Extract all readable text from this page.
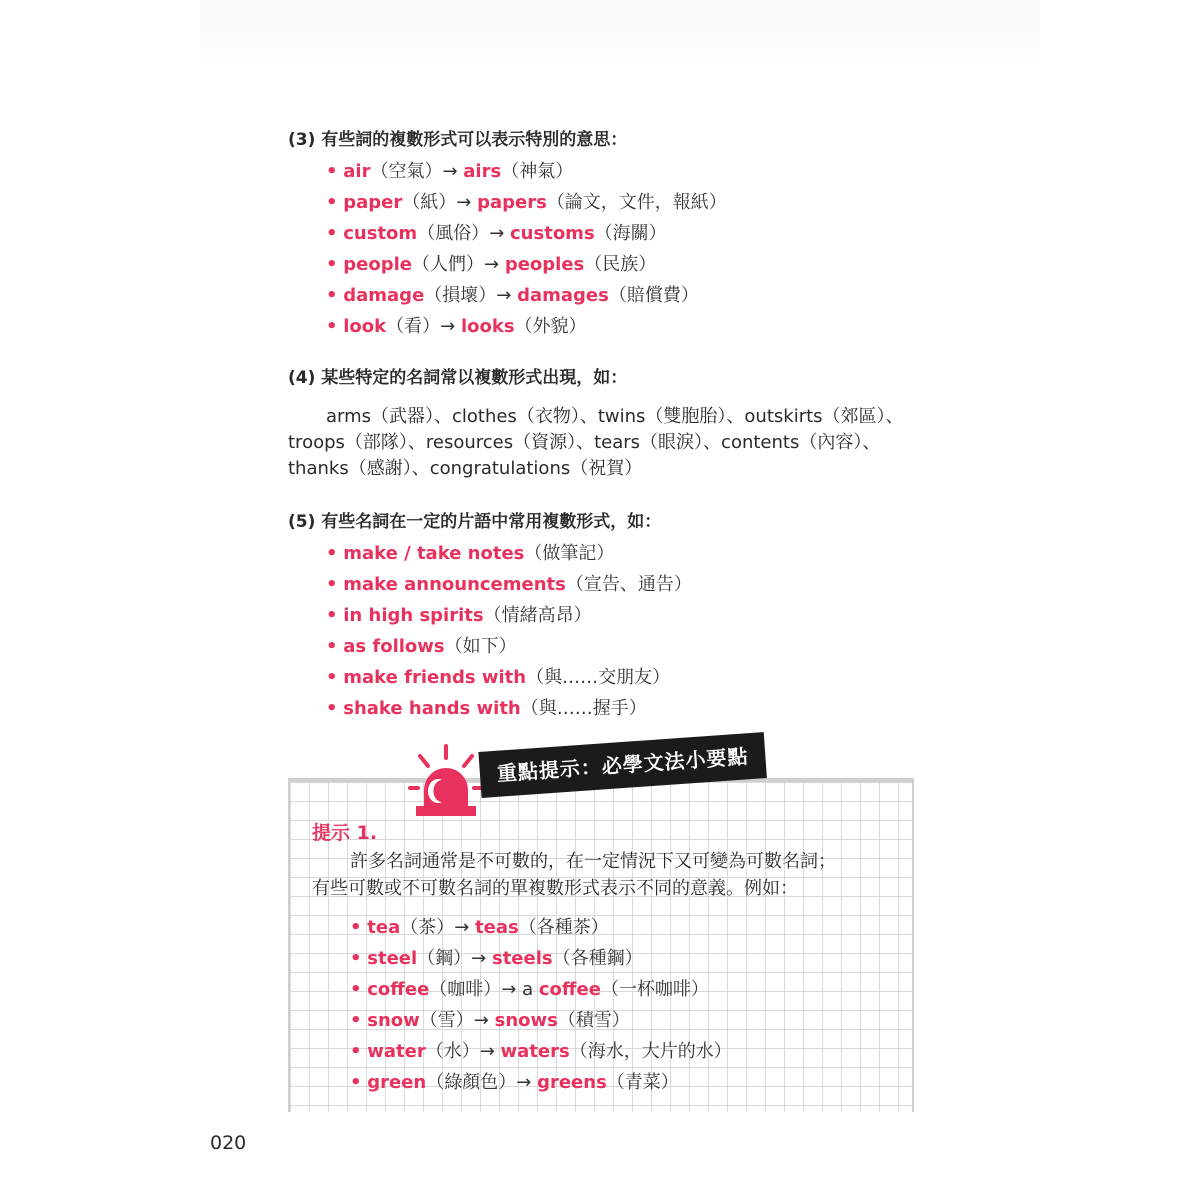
(3) 有些詞的複數形式可以表示特別的意思：

• air（空氣）→ airs（神氣）
• paper（紙）→ papers（論文，文件，報紙）
• custom（風俗）→ customs（海關）
• people（人們）→ peoples（民族）
• damage（損壞）→ damages（賠償費）
• look（看）→ looks（外貌）

(4) 某些特定的名詞常以複數形式出現，如：

arms（武器）、clothes（衣物）、twins（雙胞胎）、outskirts（郊區）、troops（部隊）、resources（資源）、tears（眼淚）、contents（內容）、thanks（感謝）、congratulations（祝賀）

(5) 有些名詞在一定的片語中常用複數形式，如：

• make / take notes（做筆記）
• make announcements（宣告、通告）
• in high spirits（情緒高昂）
• as follows（如下）
• make friends with（與……交朋友）
• shake hands with（與……握手）
重點提示：必學文法小要點
提示 1.

許多名詞通常是不可數的，在一定情況下又可變為可數名詞；
有些可數或不可數名詞的單複數形式表示不同的意義。例如：

• tea（茶）→ teas（各種茶）
• steel（鋼）→ steels（各種鋼）
• coffee（咖啡）→ a coffee（一杯咖啡）
• snow（雪）→ snows（積雪）
• water（水）→ waters（海水，大片的水）
• green（綠顏色）→ greens（青菜）
020
